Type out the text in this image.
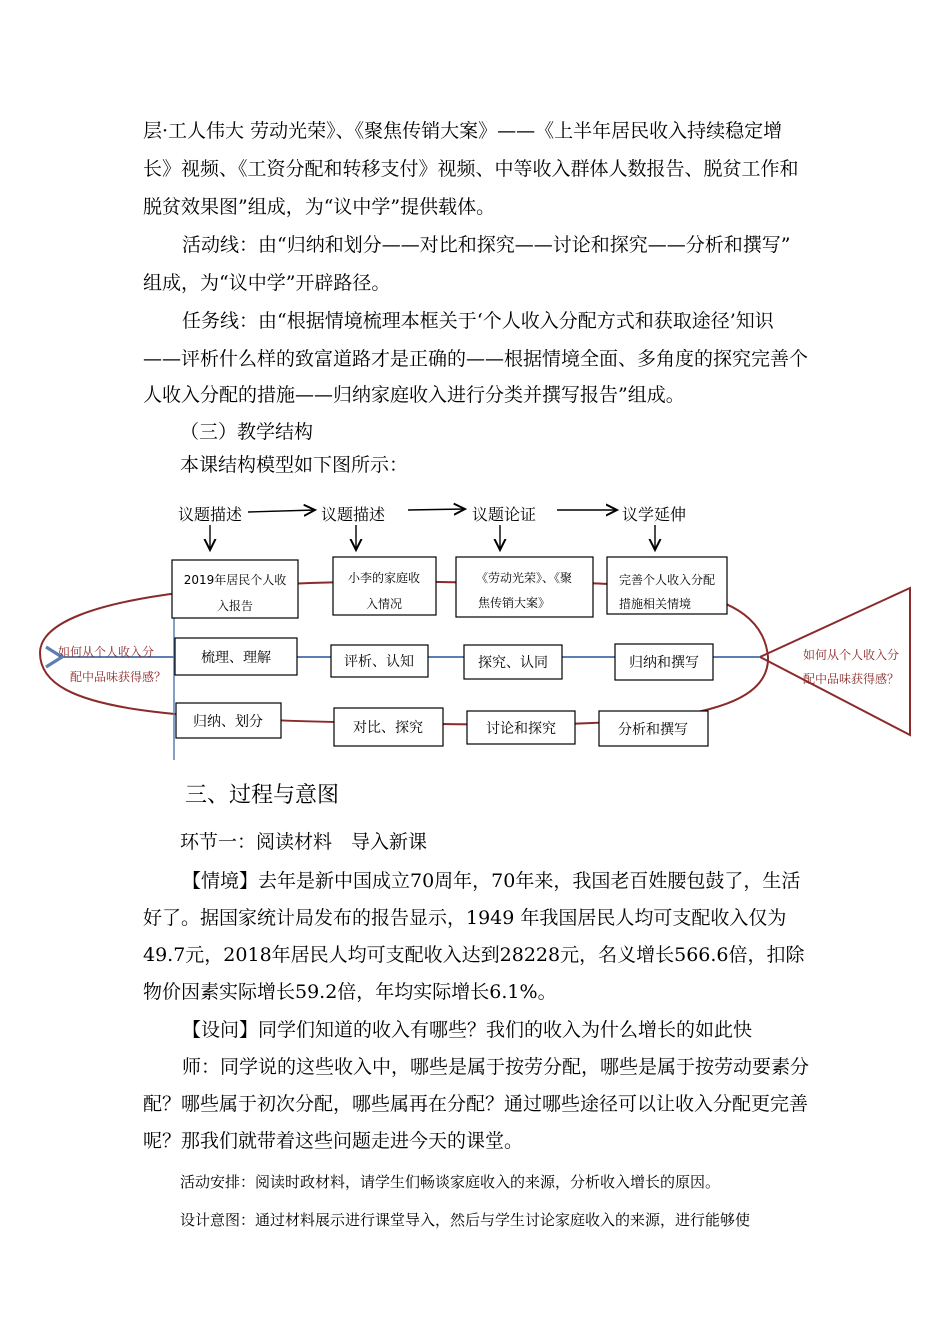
层·工人伟大 劳动光荣》、《聚焦传销大案》——《上半年居民收入持续稳定增
长》视频、《工资分配和转移支付》视频、中等收入群体人数报告、脱贫工作和
脱贫效果图”组成，为“议中学”提供载体。
活动线：由“归纳和划分——对比和探究——讨论和探究——分析和撰写”
组成，为“议中学”开辟路径。
任务线：由“根据情境梳理本框关于‘个人收入分配方式和获取途径’知识
——评析什么样的致富道路才是正确的——根据情境全面、多角度的探究完善个
人收入分配的措施——归纳家庭收入进行分类并撰写报告”组成。
（三）教学结构
本课结构模型如下图所示：
议题描述	议题描述	议题论证	议学延伸
2019年居民个人收
入报告
小李的家庭收
入情况
《劳动光荣》、《聚
焦传销大案》
完善个人收入分配
措施相关情境
梳理、理解	评析、认知	探究、认同	归纳和撰写
归纳、划分	对比、探究	讨论和探究	分析和撰写
如何从个人收入分
配中品味获得感？
如何从个人收入分
配中品味获得感？
三、过程与意图
环节一：阅读材料　导入新课
【情境】去年是新中国成立70周年，70年来，我国老百姓腰包鼓了，生活
好了。据国家统计局发布的报告显示，1949 年我国居民人均可支配收入仅为
49.7元，2018年居民人均可支配收入达到28228元，名义增长566.6倍，扣除
物价因素实际增长59.2倍，年均实际增长6.1%。
【设问】同学们知道的收入有哪些？我们的收入为什么增长的如此快
师：同学说的这些收入中，哪些是属于按劳分配，哪些是属于按劳动要素分
配？哪些属于初次分配，哪些属再在分配？通过哪些途径可以让收入分配更完善
呢？那我们就带着这些问题走进今天的课堂。
活动安排：阅读时政材料，请学生们畅谈家庭收入的来源，分析收入增长的原因。
设计意图：通过材料展示进行课堂导入，然后与学生讨论家庭收入的来源，进行能够使
